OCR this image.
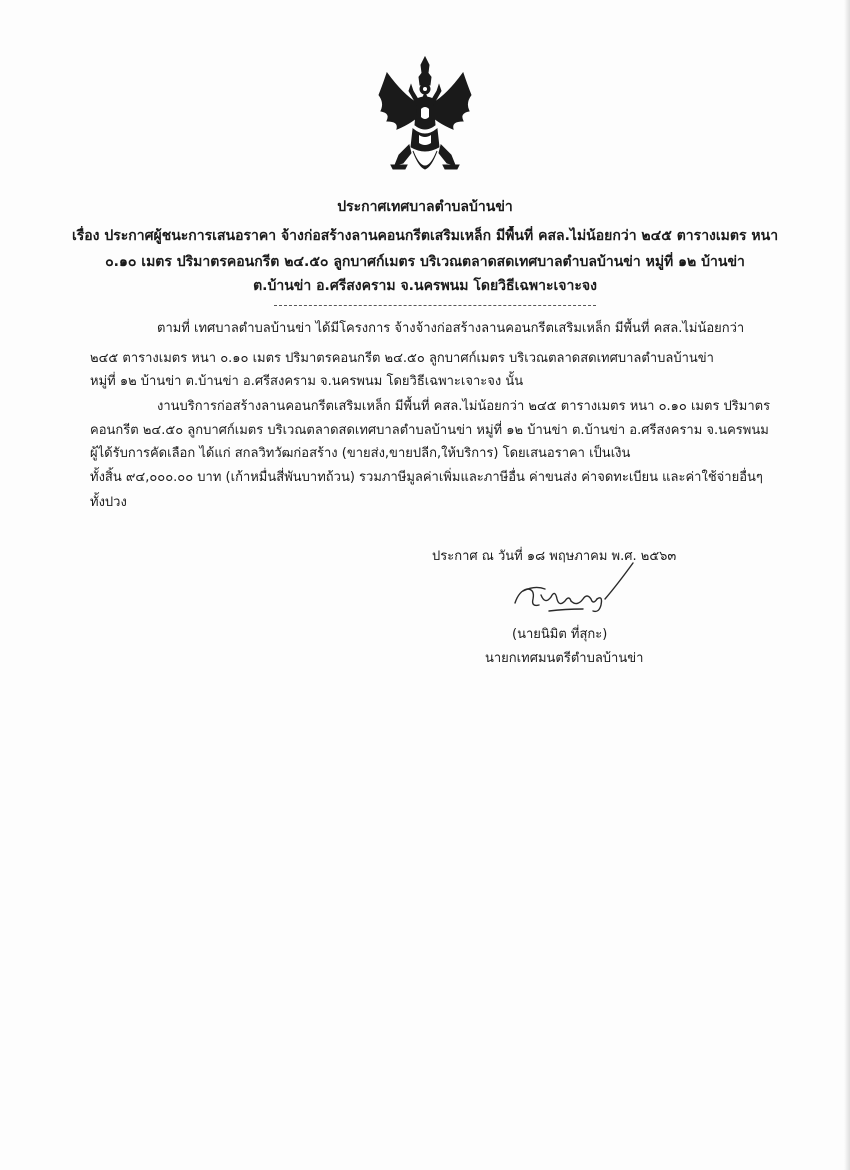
ประกาศเทศบาลตำบลบ้านข่า
เรื่อง ประกาศผู้ชนะการเสนอราคา จ้างก่อสร้างลานคอนกรีตเสริมเหล็ก มีพื้นที่ คสล.ไม่น้อยกว่า ๒๔๕ ตารางเมตร หนา
๐.๑๐ เมตร ปริมาตรคอนกรีต ๒๔.๕๐ ลูกบาศก์เมตร บริเวณตลาดสดเทศบาลตำบลบ้านข่า หมู่ที่ ๑๒ บ้านข่า
ต.บ้านข่า อ.ศรีสงคราม จ.นครพนม โดยวิธีเฉพาะเจาะจง
ตามที่ เทศบาลตำบลบ้านข่า ได้มีโครงการ จ้างจ้างก่อสร้างลานคอนกรีตเสริมเหล็ก มีพื้นที่ คสล.ไม่น้อยกว่า
๒๔๕ ตารางเมตร หนา ๐.๑๐ เมตร ปริมาตรคอนกรีต ๒๔.๕๐ ลูกบาศก์เมตร บริเวณตลาดสดเทศบาลตำบลบ้านข่า
หมู่ที่ ๑๒ บ้านข่า ต.บ้านข่า อ.ศรีสงคราม จ.นครพนม โดยวิธีเฉพาะเจาะจง นั้น
งานบริการก่อสร้างลานคอนกรีตเสริมเหล็ก มีพื้นที่ คสล.ไม่น้อยกว่า ๒๔๕ ตารางเมตร หนา ๐.๑๐ เมตร ปริมาตร
คอนกรีต ๒๔.๕๐ ลูกบาศก์เมตร บริเวณตลาดสดเทศบาลตำบลบ้านข่า หมู่ที่ ๑๒ บ้านข่า ต.บ้านข่า อ.ศรีสงคราม จ.นครพนม
ผู้ได้รับการคัดเลือก ได้แก่ สกลวิทวัฒก่อสร้าง (ขายส่ง,ขายปลีก,ให้บริการ) โดยเสนอราคา เป็นเงิน
ทั้งสิ้น ๙๔,๐๐๐.๐๐ บาท (เก้าหมื่นสี่พันบาทถ้วน) รวมภาษีมูลค่าเพิ่มและภาษีอื่น ค่าขนส่ง ค่าจดทะเบียน และค่าใช้จ่ายอื่นๆ
ทั้งปวง
ประกาศ ณ วันที่ ๑๘ พฤษภาคม พ.ศ. ๒๕๖๓
(นายนิมิต ที่สุกะ)
นายกเทศมนตรีตำบลบ้านข่า
